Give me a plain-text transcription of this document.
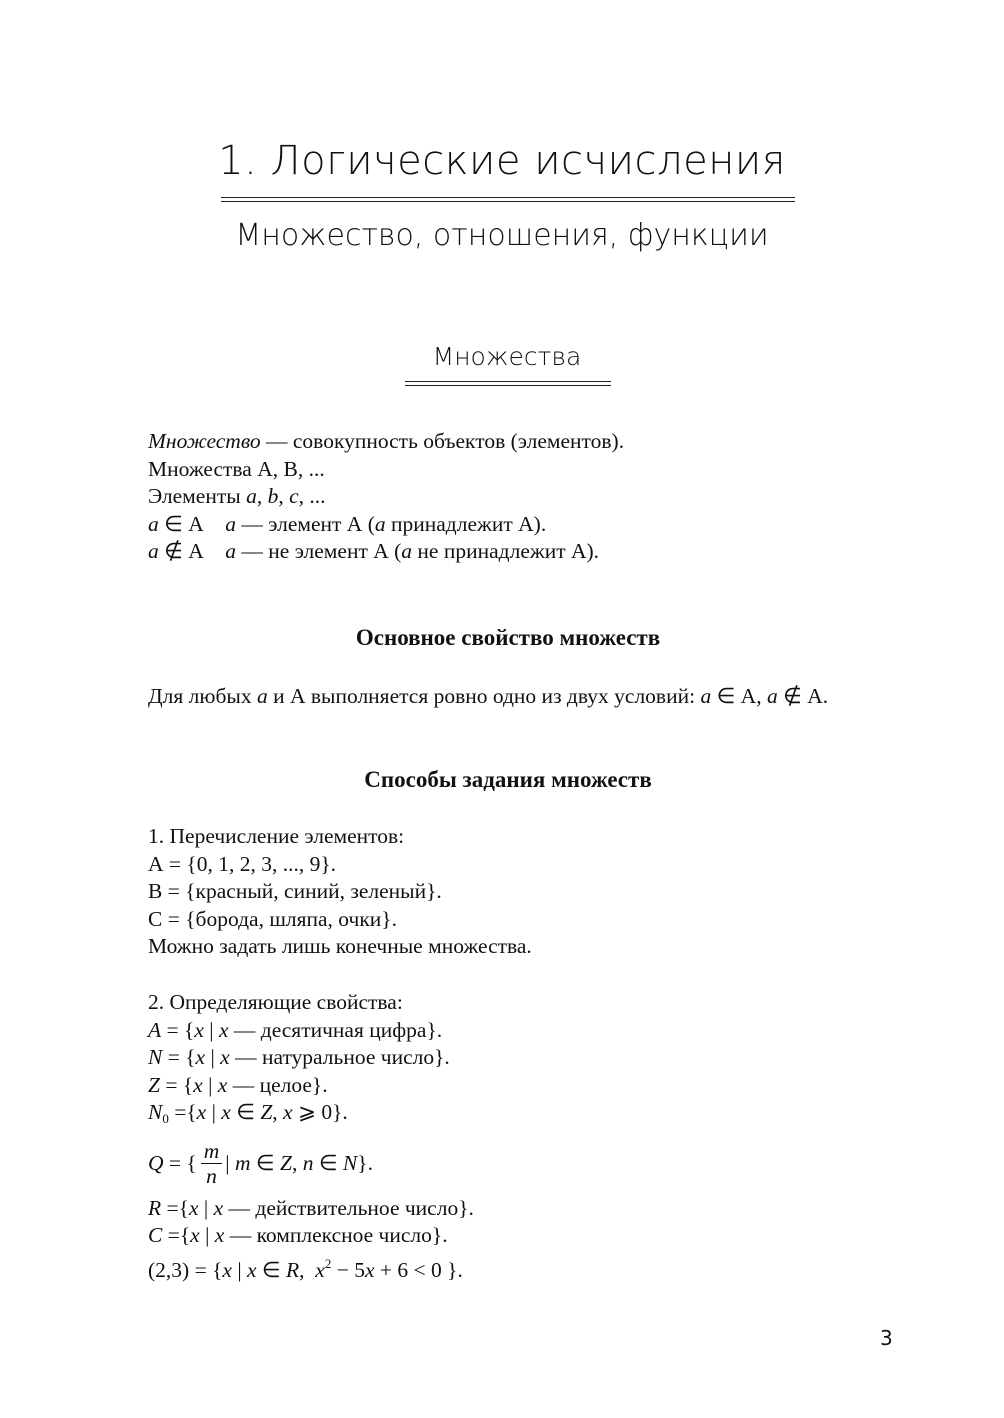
1. Логические исчисления
Множество, отношения, функции
Множества
Множество — совокупность объектов (элементов).
Множества А, В, ...
Элементы a, b, c, ...
a ∈ А    a — элемент А (a принадлежит А).
a ∉ А    a — не элемент А (a не принадлежит А).
Основное свойство множеств
Для любых a и А выполняется ровно одно из двух условий: a ∈ А, a ∉ А.
Способы задания множеств
1. Перечисление элементов:
А = {0, 1, 2, 3, ..., 9}.
В = {красный, синий, зеленый}.
С = {борода, шляпа, очки}.
Можно задать лишь конечные множества.
2. Определяющие свойства:
A = {x | x — десятичная цифра}.
N = {x | x — натуральное число}.
Z = {x | x — целое}.
$N_0 =\{x$ | x ∈ Z, x ⩾ 0}.
Q = { $\frac{m}{n}$ | m ∈ Z , n ∈ N }.
R ={x | x — действительное число}.
C ={x | x — комплексное число}.
(2,3) = {x | x ∈ R,  $x^2 - 5x + 6 < 0$ }.
3
